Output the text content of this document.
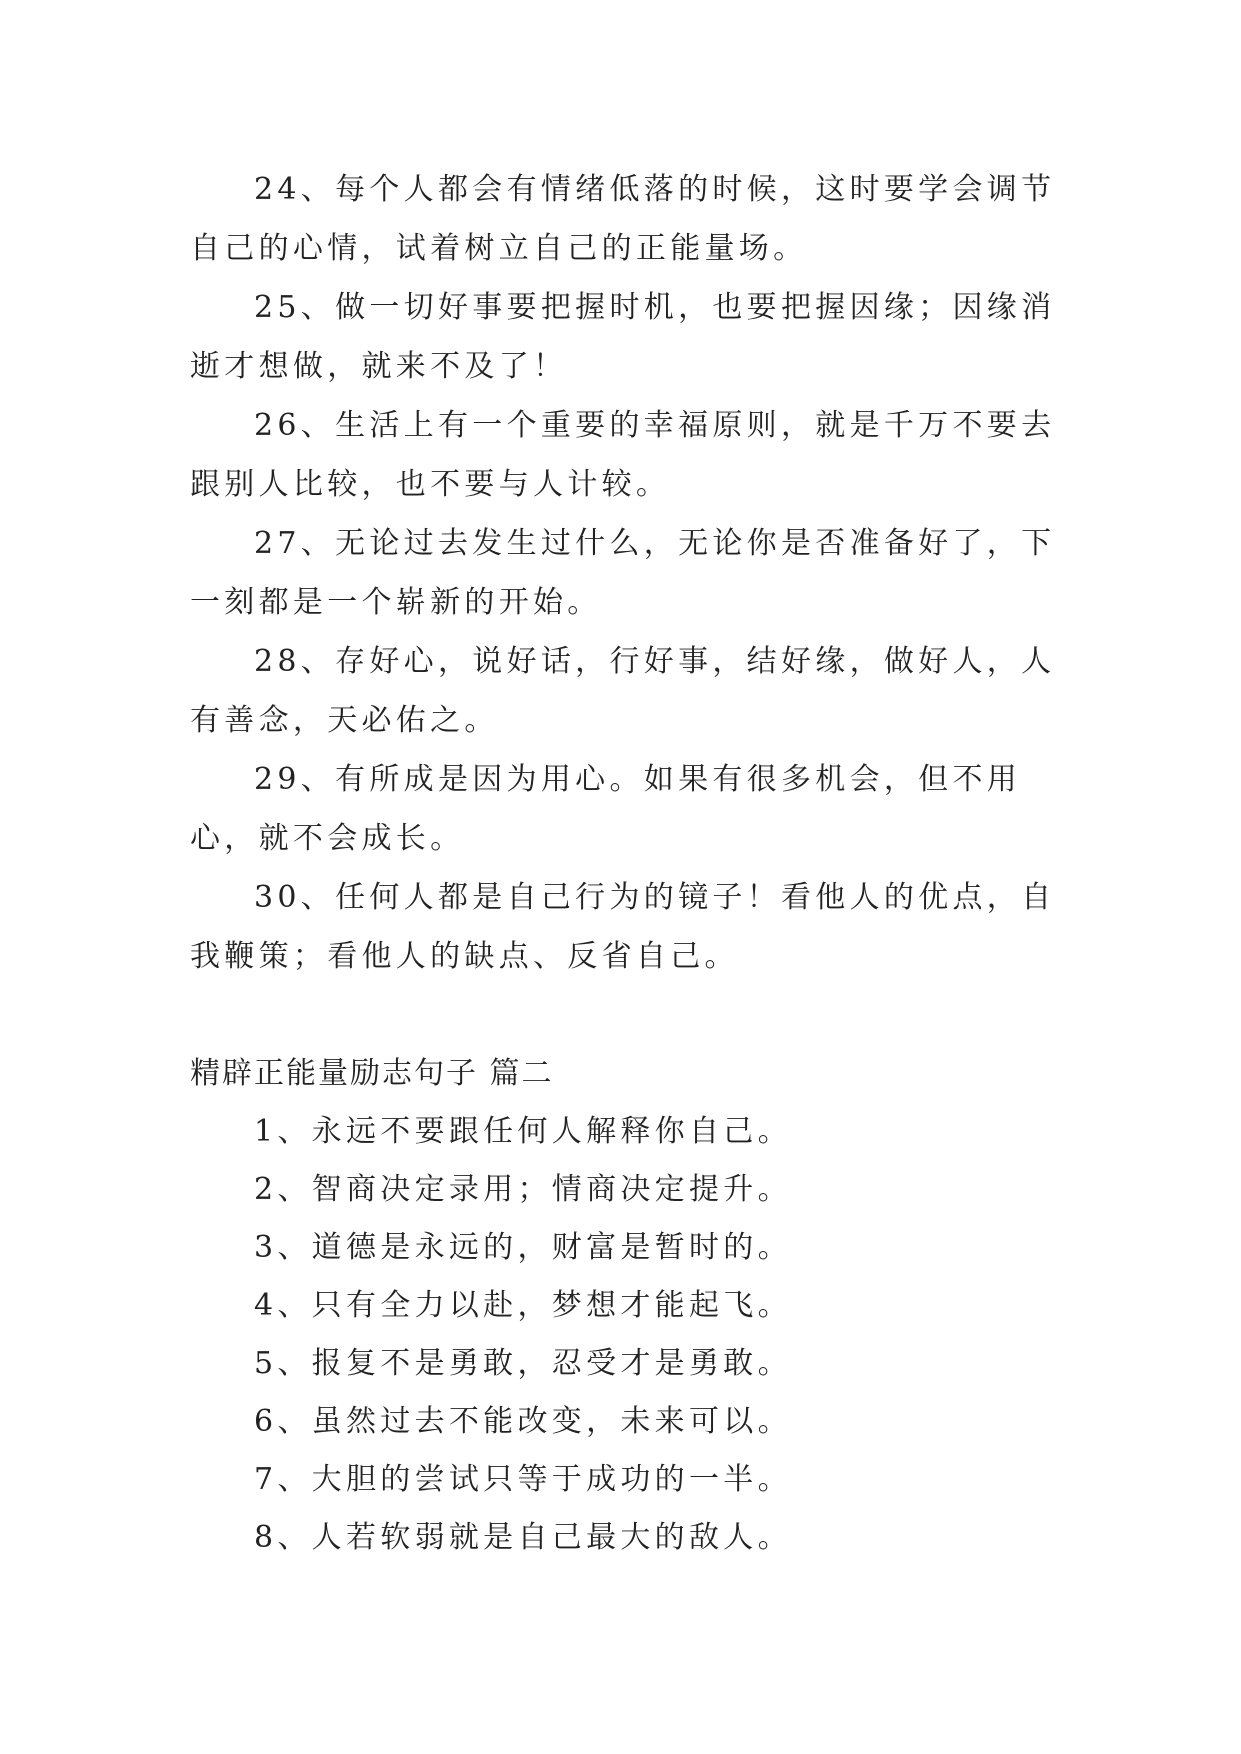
24、每个人都会有情绪低落的时候，这时要学会调节自己的心情，试着树立自己的正能量场。

25、做一切好事要把握时机，也要把握因缘；因缘消逝才想做，就来不及了！

26、生活上有一个重要的幸福原则，就是千万不要去跟别人比较，也不要与人计较。

27、无论过去发生过什么，无论你是否准备好了，下一刻都是一个崭新的开始。

28、存好心，说好话，行好事，结好缘，做好人，人有善念，天必佑之。

29、有所成是因为用心。如果有很多机会，但不用心，就不会成长。

30、任何人都是自己行为的镜子！看他人的优点，自我鞭策；看他人的缺点、反省自己。

精辟正能量励志句子 篇二

1、永远不要跟任何人解释你自己。

2、智商决定录用；情商决定提升。

3、道德是永远的，财富是暂时的。

4、只有全力以赴，梦想才能起飞。

5、报复不是勇敢，忍受才是勇敢。

6、虽然过去不能改变，未来可以。

7、大胆的尝试只等于成功的一半。

8、人若软弱就是自己最大的敌人。
